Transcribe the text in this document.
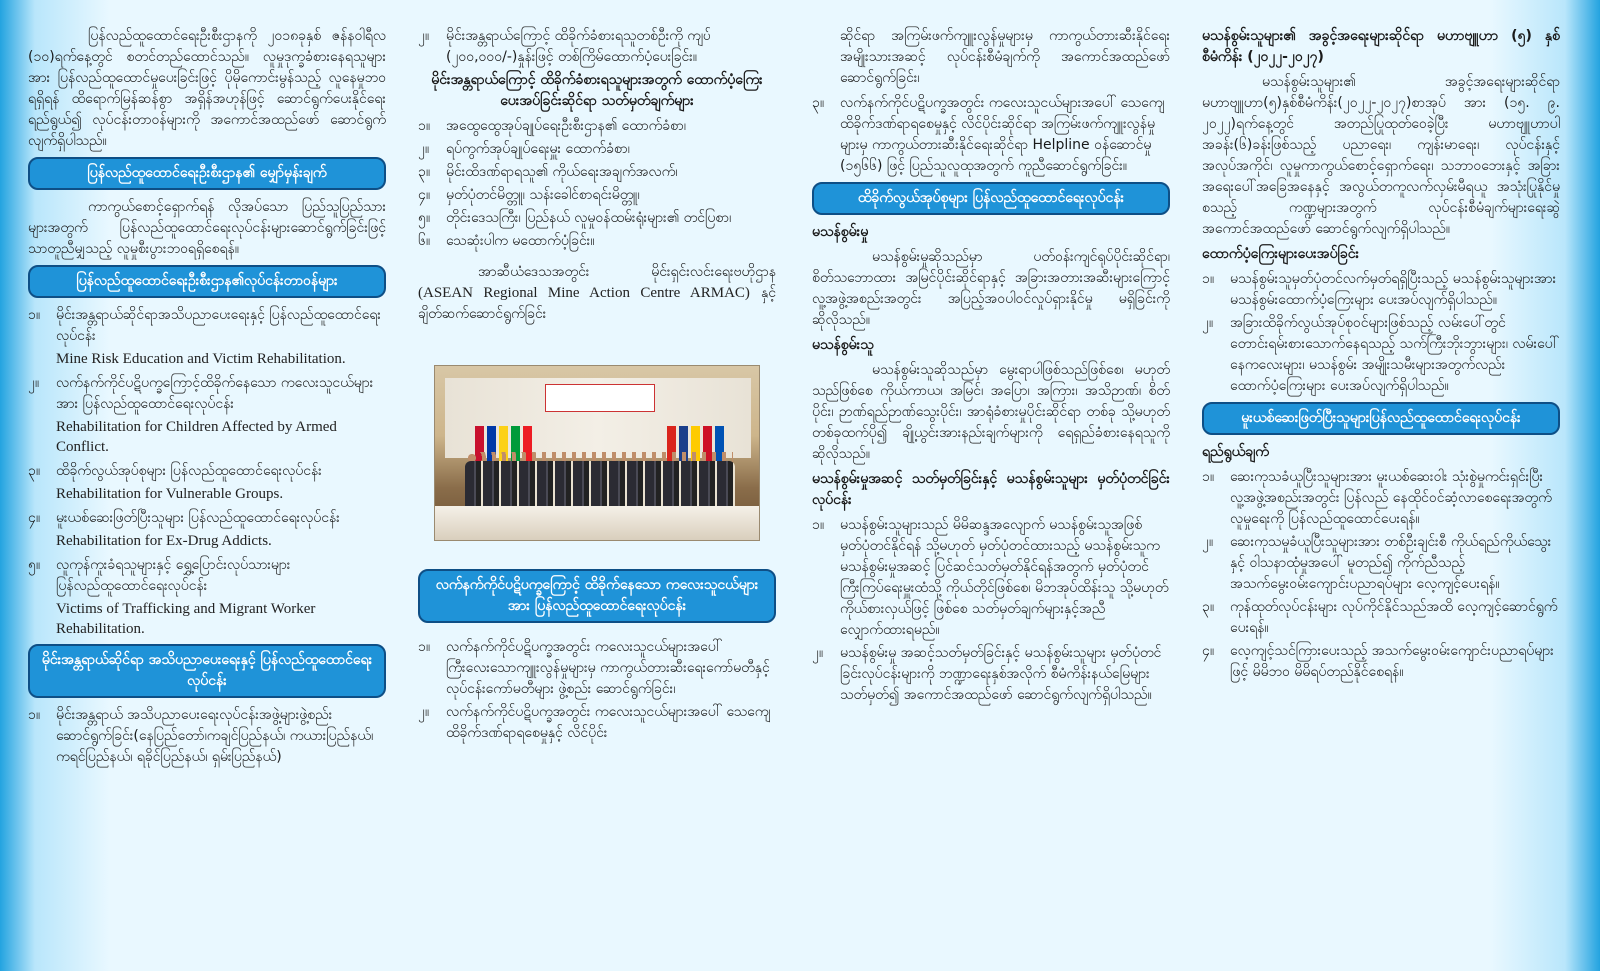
ပြန်လည်ထူထောင်ရေးဦးစီးဌာနကို ၂၀၁၈ခုနှစ် ဇန်နဝါရီလ (၁၀)ရက်နေ့တွင် စတင်တည်ထောင်သည်။ လူမှုဒုက္ခခံစားနေရသူများအား ပြန်လည်ထူထောင်မှုပေးခြင်းဖြင့် ပိုမိုကောင်းမွန်သည့် လူနေမှုဘဝရရှိရန် ထိရောက်မြန်ဆန်စွာ အရှိန်အဟုန်ဖြင့် ဆောင်ရွက်ပေးနိုင်ရေး ရည်ရွယ်၍ လုပ်ငန်းတာဝန်များကို အကောင်အထည်ဖော် ဆောင်ရွက်လျက်ရှိပါသည်။
ပြန်လည်ထူထောင်ရေးဦးစီးဌာန၏ မျှော်မှန်းချက်
ကာကွယ်စောင့်ရှောက်ရန် လိုအပ်သော ပြည်သူပြည်သားများအတွက် ပြန်လည်ထူထောင်ရေးလုပ်ငန်းများဆောင်ရွက်ခြင်းဖြင့် သာတူညီမျှသည့် လူမှုစီးပွားဘဝရရှိစေရန်။
ပြန်လည်ထူထောင်ရေးဦးစီးဌာန၏လုပ်ငန်းတာဝန်များ
၁။	မိုင်းအန္တရာယ်ဆိုင်ရာအသိပညာပေးရေးနှင့် ပြန်လည်ထူထောင်ရေးလုပ်ငန်း
Mine Risk Education and Victim Rehabilitation.
၂။	လက်နက်ကိုင်ပဋိပက္ခကြောင့်ထိခိုက်နေသော ကလေးသူငယ်များအား ပြန်လည်ထူထောင်ရေးလုပ်ငန်း
Rehabilitation for Children Affected by Armed Conflict.
၃။	ထိခိုက်လွယ်အုပ်စုများ ပြန်လည်ထူထောင်ရေးလုပ်ငန်း
Rehabilitation for Vulnerable Groups.
၄။	မူးယစ်ဆေးဖြတ်ပြီးသူများ ပြန်လည်ထူထောင်ရေးလုပ်ငန်း
Rehabilitation for Ex-Drug Addicts.
၅။	လူကုန်ကူးခံရသူများနှင့် ရွှေ့ပြောင်းလုပ်သားများ ပြန်လည်ထူထောင်ရေးလုပ်ငန်း
Victims of Trafficking and Migrant Worker Rehabilitation.
မိုင်းအန္တရာယ်ဆိုင်ရာ အသိပညာပေးရေးနှင့် ပြန်လည်ထူထောင်ရေးလုပ်ငန်း
၁။	မိုင်းအန္တရာယ် အသိပညာပေးရေးလုပ်ငန်းအဖွဲ့များဖွဲ့စည်းဆောင်ရွက်ခြင်း(နေပြည်တော်၊ကချင်ပြည်နယ်၊ ကယားပြည်နယ်၊ ကရင်ပြည်နယ်၊ ရခိုင်ပြည်နယ်၊ ရှမ်းပြည်နယ်)
၂။	မိုင်းအန္တရာယ်ကြောင့် ထိခိုက်ခံစားရသူတစ်ဦးကို ကျပ် (၂၀၀,၀၀၀/-)နှုန်းဖြင့် တစ်ကြိမ်ထောက်ပံ့ပေးခြင်း။
မိုင်းအန္တရာယ်ကြောင့် ထိခိုက်ခံစားရသူများအတွက် ထောက်ပံ့ကြေးပေးအပ်ခြင်းဆိုင်ရာ သတ်မှတ်ချက်များ
၁။	အထွေထွေအုပ်ချုပ်ရေးဦးစီးဌာန၏ ထောက်ခံစာ၊
၂။	ရပ်ကွက်အုပ်ချုပ်ရေးမှူး ထောက်ခံစာ၊
၃။	မိုင်းထိဒဏ်ရာရသူ၏ ကိုယ်ရေးအချက်အလက်၊
၄။	မှတ်ပုံတင်မိတ္တူ၊ သန်းခေါင်စာရင်းမိတ္တူ၊
၅။	တိုင်းဒေသကြီး၊ ပြည်နယ် လူမှုဝန်ထမ်းရုံးများ၏ တင်ပြစာ၊
၆။	သေဆုံးပါက မထောက်ပံ့ခြင်း။
အာဆီယံဒေသအတွင်း မိုင်းရှင်းလင်းရေးဗဟိုဌာန (ASEAN Regional Mine Action Centre ARMAC) နှင့် ချိတ်ဆက်ဆောင်ရွက်ခြင်း
လက်နက်ကိုင်ပဋိပက္ခကြောင့် ထိခိုက်နေသော ကလေးသူငယ်များအား ပြန်လည်ထူထောင်ရေးလုပ်ငန်း
၁။	လက်နက်ကိုင်ပဋိပက္ခအတွင်း ကလေးသူငယ်များအပေါ် ကြီးလေးသောကျူးလွန်မှုများမှ ကာကွယ်တားဆီးရေးကော်မတီနှင့် လုပ်ငန်းကော်မတီများ ဖွဲ့စည်း ဆောင်ရွက်ခြင်း၊
၂။	လက်နက်ကိုင်ပဋိပက္ခအတွင်း ကလေးသူငယ်များအပေါ် သေကျေထိခိုက်ဒဏ်ရာရစေမှုနှင့် လိင်ပိုင်း
ဆိုင်ရာ အကြမ်းဖက်ကျူးလွန်မှုများမှ ကာကွယ်တားဆီးနိုင်ရေး အမျိုးသားအဆင့် လုပ်ငန်းစီမံချက်ကို အကောင်အထည်ဖော် ဆောင်ရွက်ခြင်း၊
၃။	လက်နက်ကိုင်ပဋိပက္ခအတွင်း ကလေးသူငယ်များအပေါ် သေကျေထိခိုက်ဒဏ်ရာရစေမှုနှင့် လိင်ပိုင်းဆိုင်ရာ အကြမ်းဖက်ကျူးလွန်မှုများမှ ကာကွယ်တားဆီးနိုင်ရေးဆိုင်ရာ Helpline ဝန်ဆောင်မှု (၁၅၆၆) ဖြင့် ပြည်သူလူထုအတွက် ကူညီဆောင်ရွက်ခြင်း။
ထိခိုက်လွယ်အုပ်စုများ ပြန်လည်ထူထောင်ရေးလုပ်ငန်း
မသန်စွမ်းမှု
မသန်စွမ်းမှုဆိုသည်မှာ ပတ်ဝန်းကျင်ရုပ်ပိုင်းဆိုင်ရာ၊ စိတ်သဘောထား အမြင်ပိုင်းဆိုင်ရာနှင့် အခြားအတားအဆီးများကြောင့် လူ့အဖွဲ့အစည်းအတွင်း အပြည့်အဝပါဝင်လှုပ်ရှားနိုင်မှု မရှိခြင်းကိုဆိုလိုသည်။
မသန်စွမ်းသူ
မသန်စွမ်းသူဆိုသည်မှာ မွေးရာပါဖြစ်သည်ဖြစ်စေ၊ မဟုတ်သည်ဖြစ်စေ ကိုယ်ကာယ၊ အမြင်၊ အပြော၊ အကြား၊ အသိဉာဏ်၊ စိတ်ပိုင်း၊ ဉာဏ်ရည်ဉာဏ်သွေးပိုင်း၊ အာရုံခံစားမှုပိုင်းဆိုင်ရာ တစ်ခု သို့မဟုတ် တစ်ခုထက်ပို၍ ချို့ယွင်းအားနည်းချက်များကို ရေရှည်ခံစားနေရသူကို ဆိုလိုသည်။
မသန်စွမ်းမှုအဆင့် သတ်မှတ်ခြင်းနှင့် မသန်စွမ်းသူများ မှတ်ပုံတင်ခြင်းလုပ်ငန်း
၁။	မသန်စွမ်းသူများသည် မိမိဆန္ဒအလျောက် မသန်စွမ်းသူအဖြစ် မှတ်ပုံတင်နိုင်ရန် သို့မဟုတ် မှတ်ပုံတင်ထားသည့် မသန်စွမ်းသူက မသန်စွမ်းမှုအဆင့် ပြင်ဆင်သတ်မှတ်နိုင်ရန်အတွက် မှတ်ပုံတင်ကြီးကြပ်ရေးမှူးထံသို့ ကိုယ်တိုင်ဖြစ်စေ၊ မိဘအုပ်ထိန်းသူ သို့မဟုတ် ကိုယ်စားလှယ်ဖြင့် ဖြစ်စေ သတ်မှတ်ချက်များနှင့်အညီ လျှောက်ထားရမည်။
၂။	မသန်စွမ်းမှု အဆင့်သတ်မှတ်ခြင်းနှင့် မသန်စွမ်းသူများ မှတ်ပုံတင်ခြင်းလုပ်ငန်းများကို ဘဏ္ဍာရေးနှစ်အလိုက် စီမံကိန်းနယ်မြေများသတ်မှတ်၍ အကောင်အထည်ဖော် ဆောင်ရွက်လျက်ရှိပါသည်။
မသန်စွမ်းသူများ၏ အခွင့်အရေးများဆိုင်ရာ မဟာဗျူဟာ (၅) နှစ် စီမံကိန်း (၂၀၂၂-၂၀၂၇)
မသန်စွမ်းသူများ၏ အခွင့်အရေးများဆိုင်ရာ မဟာဗျူဟာ(၅)နှစ်စီမံကိန်း(၂၀၂၂-၂၀၂၇)စာအုပ် အား (၁၅. ၉. ၂၀၂၂)ရက်နေ့တွင် အတည်ပြုထုတ်ဝေခဲ့ပြီး မဟာဗျူဟာပါ အခန်း(၆)ခန်းဖြစ်သည့် ပညာရေး၊ ကျန်းမာရေး၊ လုပ်ငန်းနှင့် အလုပ်အကိုင်၊ လူမှုကာကွယ်စောင့်ရှောက်ရေး၊ သဘာဝဘေးနှင့် အခြားအရေးပေါ်အခြေအနေနှင့် အလွယ်တကူလက်လှမ်းမီရယူ အသုံးပြုနိုင်မှု စသည့် ကဏ္ဍများအတွက် လုပ်ငန်းစီမံချက်များရေးဆွဲ အကောင်အထည်ဖော် ဆောင်ရွက်လျက်ရှိပါသည်။
ထောက်ပံ့ကြေးများပေးအပ်ခြင်း
၁။	မသန်စွမ်းသူမှတ်ပုံတင်လက်မှတ်ရရှိပြီးသည့် မသန်စွမ်းသူများအား မသန်စွမ်းထောက်ပံ့ကြေးများ ပေးအပ်လျက်ရှိပါသည်။
၂။	အခြားထိခိုက်လွယ်အုပ်စုဝင်များဖြစ်သည့် လမ်းပေါ်တွင် တောင်းရမ်းစားသောက်နေရသည့် သက်ကြီးဘိုးဘွားများ၊ လမ်းပေါ်နေကလေးများ၊ မသန်စွမ်း အမျိုးသမီးများအတွက်လည်း ထောက်ပံ့ကြေးများ ပေးအပ်လျက်ရှိပါသည်။
မူးယစ်ဆေးဖြတ်ပြီးသူများပြန်လည်ထူထောင်ရေးလုပ်ငန်း
ရည်ရွယ်ချက်
၁။	ဆေးကုသခံယူပြီးသူများအား မူးယစ်ဆေးဝါး သုံးစွဲမှုကင်းရှင်းပြီး လူ့အဖွဲ့အစည်းအတွင်း ပြန်လည် နေထိုင်ဝင်ဆံ့လာစေရေးအတွက် လူမှုရေးကို ပြန်လည်ထူထောင်ပေးရန်။
၂။	ဆေးကုသမှုခံယူပြီးသူများအား တစ်ဦးချင်းစီ ကိုယ်ရည်ကိုယ်သွေးနှင့် ဝါသနာထုံမှုအပေါ် မူတည်၍ ကိုက်ညီသည့် အသက်မွေးဝမ်းကျောင်းပညာရပ်များ လေ့ကျင့်ပေးရန်။
၃။	ကုန်ထုတ်လုပ်ငန်းများ လုပ်ကိုင်နိုင်သည်အထိ လေ့ကျင့်ဆောင်ရွက်ပေးရန်။
၄။	လေ့ကျင့်သင်ကြားပေးသည့် အသက်မွေးဝမ်းကျောင်းပညာရပ်များဖြင့် မိမိဘဝ မိမိရပ်တည်နိုင်စေရန်။
